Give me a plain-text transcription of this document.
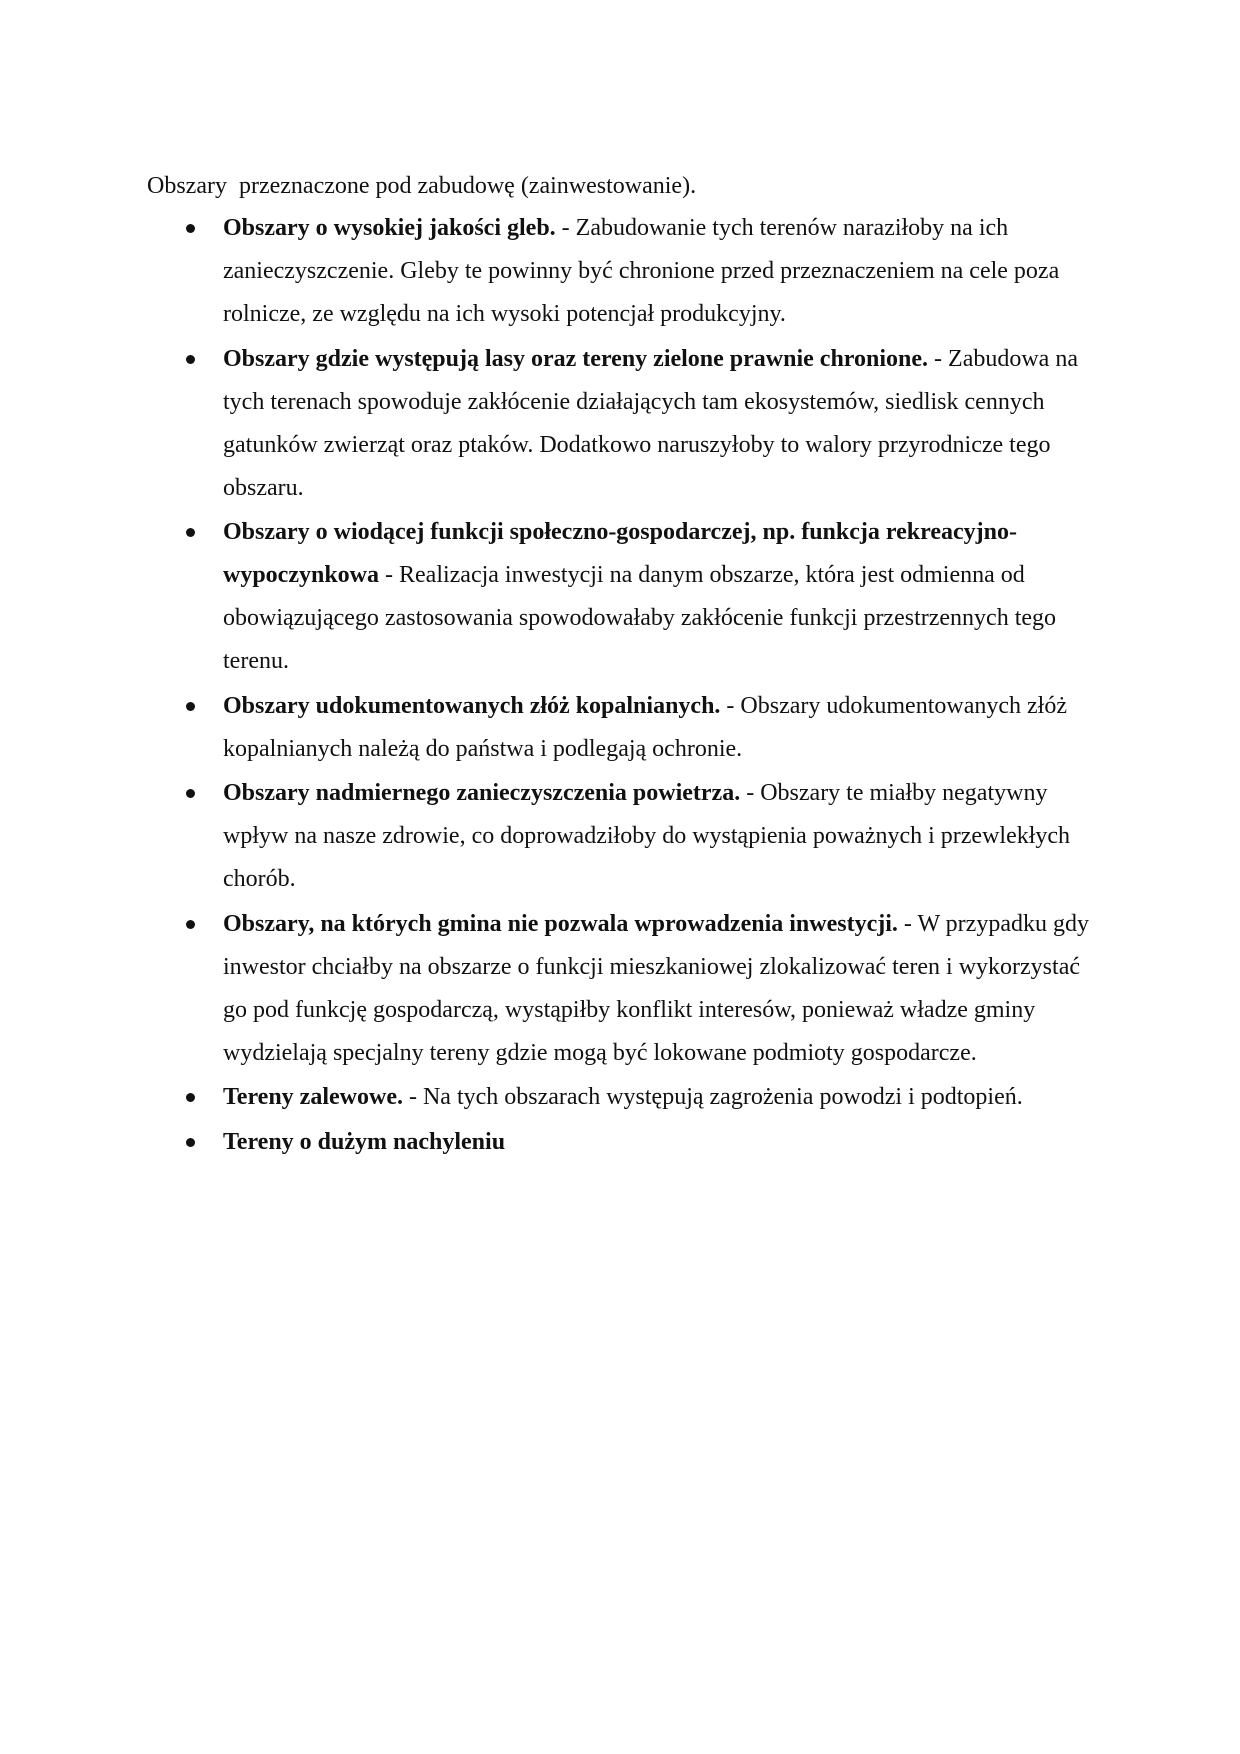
Obszary  przeznaczone pod zabudowę (zainwestowanie).

Obszary o wysokiej jakości gleb. - Zabudowanie tych terenów naraziłoby na ich zanieczyszczenie. Gleby te powinny być chronione przed przeznaczeniem na cele poza rolnicze, ze względu na ich wysoki potencjał produkcyjny.
Obszary gdzie występują lasy oraz tereny zielone prawnie chronione. - Zabudowa na tych terenach spowoduje zakłócenie działających tam ekosystemów, siedlisk cennych gatunków zwierząt oraz ptaków. Dodatkowo naruszyłoby to walory przyrodnicze tego obszaru.
Obszary o wiodącej funkcji społeczno-gospodarczej, np. funkcja rekreacyjno-wypoczynkowa - Realizacja inwestycji na danym obszarze, która jest odmienna od obowiązującego zastosowania spowodowałaby zakłócenie funkcji przestrzennych tego terenu.
Obszary udokumentowanych złóż kopalnianych. - Obszary udokumentowanych złóż kopalnianych należą do państwa i podlegają ochronie.
Obszary nadmiernego zanieczyszczenia powietrza. - Obszary te miałby negatywny wpływ na nasze zdrowie, co doprowadziłoby do wystąpienia poważnych i przewlekłych chorób.
Obszary, na których gmina nie pozwala wprowadzenia inwestycji. - W przypadku gdy inwestor chciałby na obszarze o funkcji mieszkaniowej zlokalizować teren i wykorzystać go pod funkcję gospodarczą, wystąpiłby konflikt interesów, ponieważ władze gminy wydzielają specjalny tereny gdzie mogą być lokowane podmioty gospodarcze.
Tereny zalewowe. - Na tych obszarach występują zagrożenia powodzi i podtopień.
Tereny o dużym nachyleniu
